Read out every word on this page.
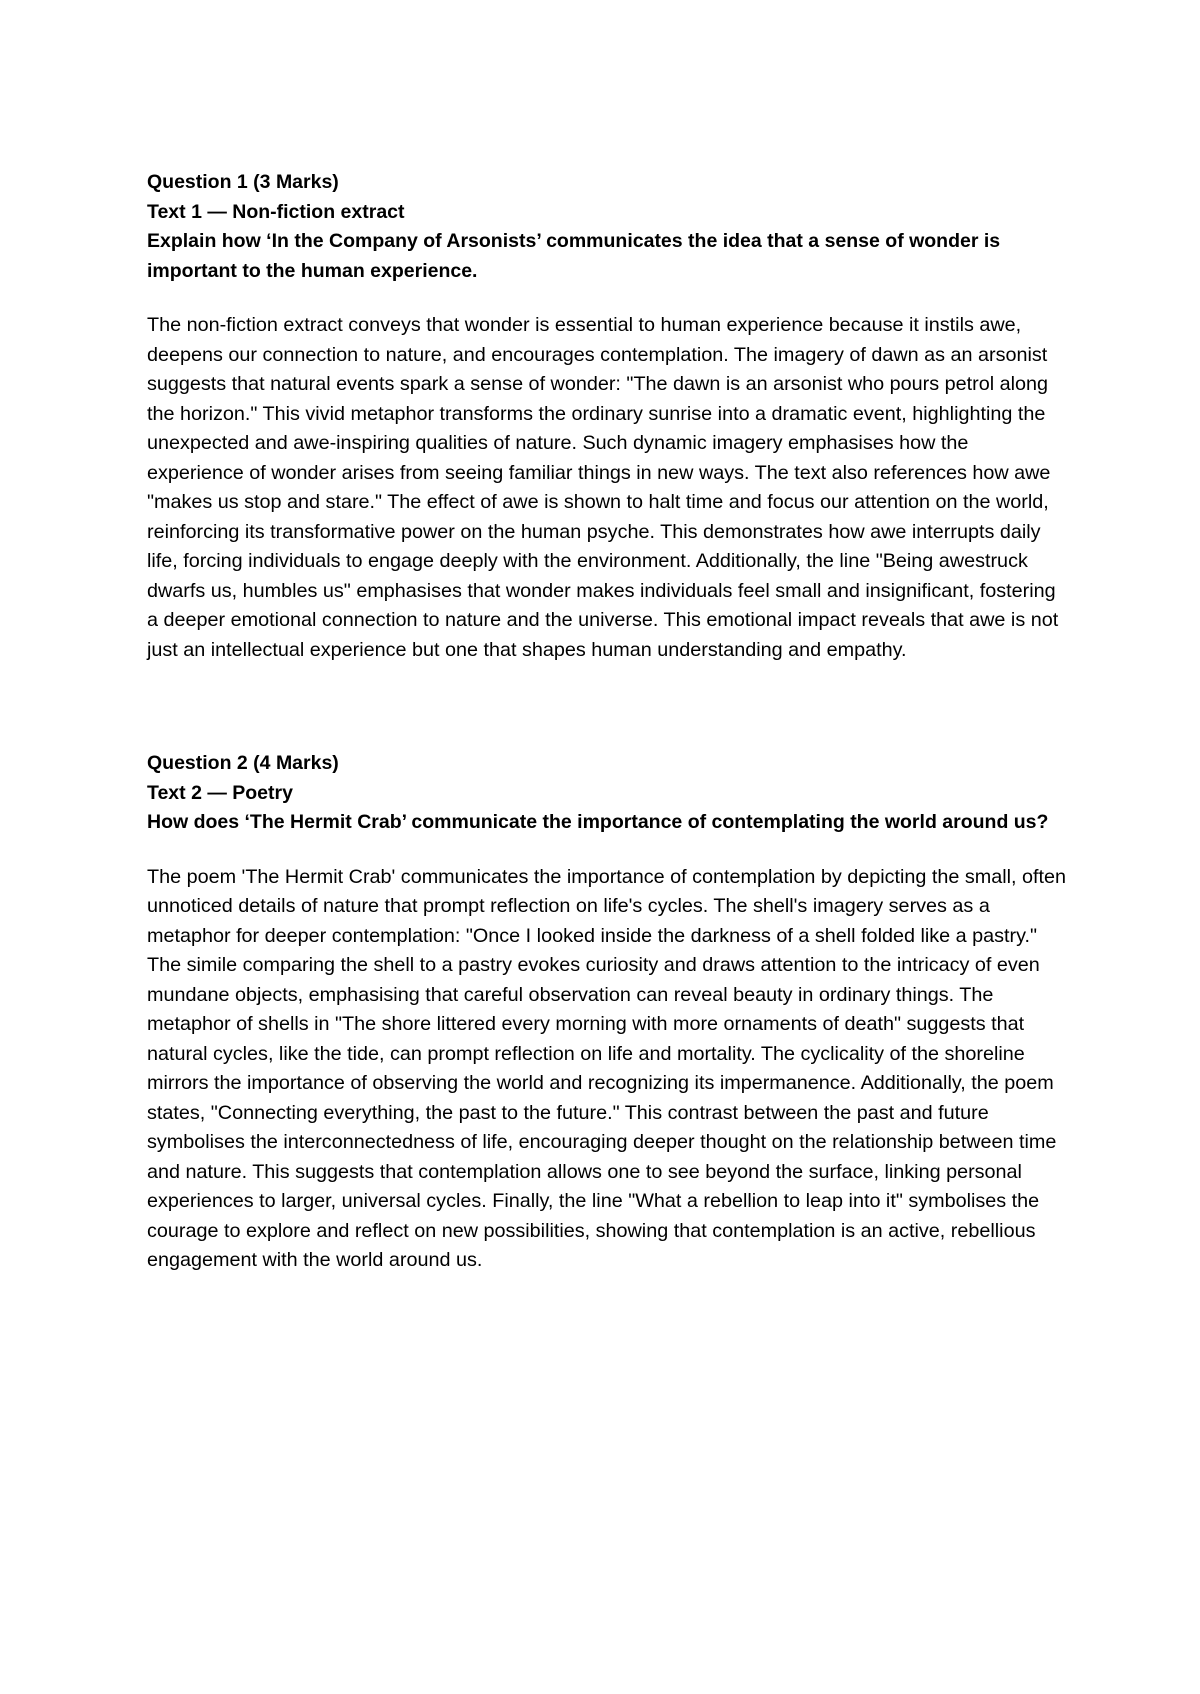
Question 1 (3 Marks)
Text 1 — Non-fiction extract
Explain how ‘In the Company of Arsonists’ communicates the idea that a sense of wonder is important to the human experience.

The non-fiction extract conveys that wonder is essential to human experience because it instils awe, deepens our connection to nature, and encourages contemplation. The imagery of dawn as an arsonist suggests that natural events spark a sense of wonder: "The dawn is an arsonist who pours petrol along the horizon." This vivid metaphor transforms the ordinary sunrise into a dramatic event, highlighting the unexpected and awe-inspiring qualities of nature. Such dynamic imagery emphasises how the experience of wonder arises from seeing familiar things in new ways. The text also references how awe "makes us stop and stare." The effect of awe is shown to halt time and focus our attention on the world, reinforcing its transformative power on the human psyche. This demonstrates how awe interrupts daily life, forcing individuals to engage deeply with the environment. Additionally, the line "Being awestruck dwarfs us, humbles us" emphasises that wonder makes individuals feel small and insignificant, fostering a deeper emotional connection to nature and the universe. This emotional impact reveals that awe is not just an intellectual experience but one that shapes human understanding and empathy.

Question 2 (4 Marks)
Text 2 — Poetry
How does ‘The Hermit Crab’ communicate the importance of contemplating the world around us?

The poem 'The Hermit Crab' communicates the importance of contemplation by depicting the small, often unnoticed details of nature that prompt reflection on life's cycles. The shell's imagery serves as a metaphor for deeper contemplation: "Once I looked inside the darkness of a shell folded like a pastry." The simile comparing the shell to a pastry evokes curiosity and draws attention to the intricacy of even mundane objects, emphasising that careful observation can reveal beauty in ordinary things. The metaphor of shells in "The shore littered every morning with more ornaments of death" suggests that natural cycles, like the tide, can prompt reflection on life and mortality. The cyclicality of the shoreline mirrors the importance of observing the world and recognizing its impermanence. Additionally, the poem states, "Connecting everything, the past to the future." This contrast between the past and future symbolises the interconnectedness of life, encouraging deeper thought on the relationship between time and nature. This suggests that contemplation allows one to see beyond the surface, linking personal experiences to larger, universal cycles. Finally, the line "What a rebellion to leap into it" symbolises the courage to explore and reflect on new possibilities, showing that contemplation is an active, rebellious engagement with the world around us.
